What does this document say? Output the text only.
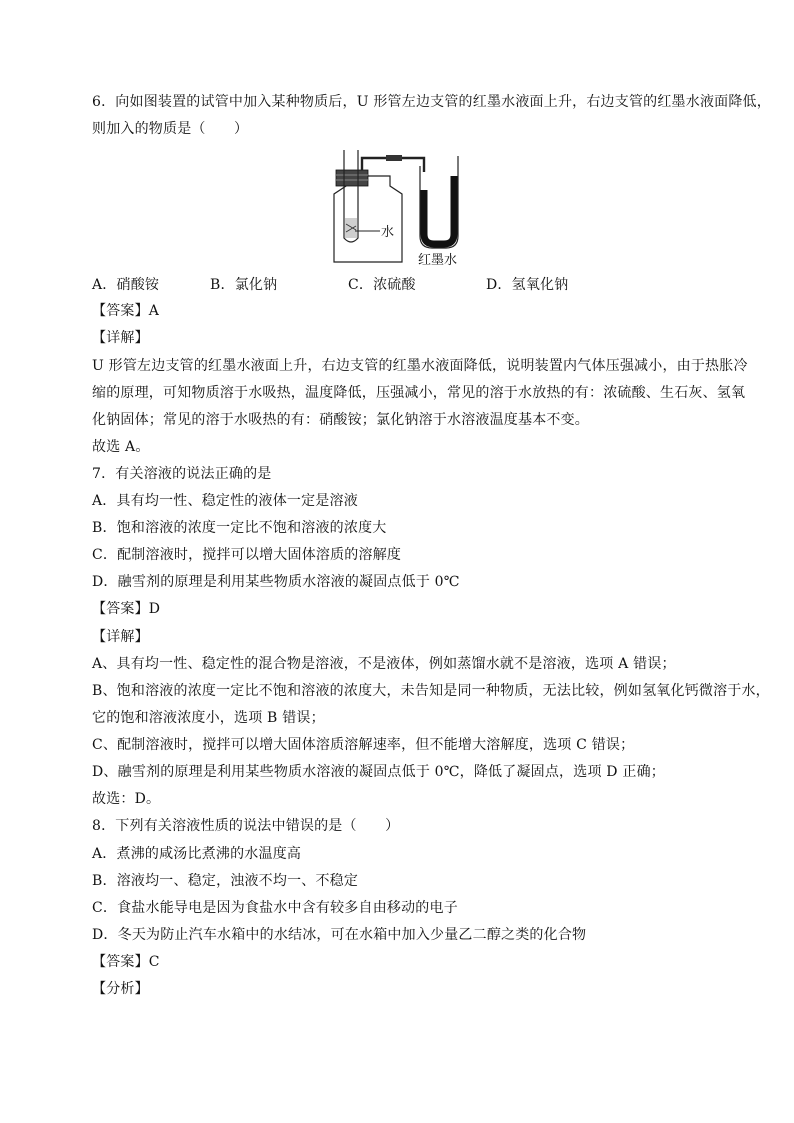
6．向如图装置的试管中加入某种物质后，U 形管左边支管的红墨水液面上升，右边支管的红墨水液面降低，
则加入的物质是（　　）
水
红墨水
A．硝酸铵	B．氯化钠	C．浓硫酸	D．氢氧化钠
【答案】A
【详解】
U 形管左边支管的红墨水液面上升，右边支管的红墨水液面降低，说明装置内气体压强减小，由于热胀冷
缩的原理，可知物质溶于水吸热，温度降低，压强减小，常见的溶于水放热的有：浓硫酸、生石灰、氢氧
化钠固体；常见的溶于水吸热的有：硝酸铵；氯化钠溶于水溶液温度基本不变。
故选 A。
7．有关溶液的说法正确的是
A．具有均一性、稳定性的液体一定是溶液
B．饱和溶液的浓度一定比不饱和溶液的浓度大
C．配制溶液时，搅拌可以增大固体溶质的溶解度
D．融雪剂的原理是利用某些物质水溶液的凝固点低于 0℃
【答案】D
【详解】
A、具有均一性、稳定性的混合物是溶液，不是液体，例如蒸馏水就不是溶液，选项 A 错误；
B、饱和溶液的浓度一定比不饱和溶液的浓度大，未告知是同一种物质，无法比较，例如氢氧化钙微溶于水，
它的饱和溶液浓度小，选项 B 错误；
C、配制溶液时，搅拌可以增大固体溶质溶解速率，但不能增大溶解度，选项 C 错误；
D、融雪剂的原理是利用某些物质水溶液的凝固点低于 0℃，降低了凝固点，选项 D 正确；
故选：D。
8．下列有关溶液性质的说法中错误的是（　　）
A．煮沸的咸汤比煮沸的水温度高
B．溶液均一、稳定，浊液不均一、不稳定
C．食盐水能导电是因为食盐水中含有较多自由移动的电子
D．冬天为防止汽车水箱中的水结冰，可在水箱中加入少量乙二醇之类的化合物
【答案】C
【分析】
